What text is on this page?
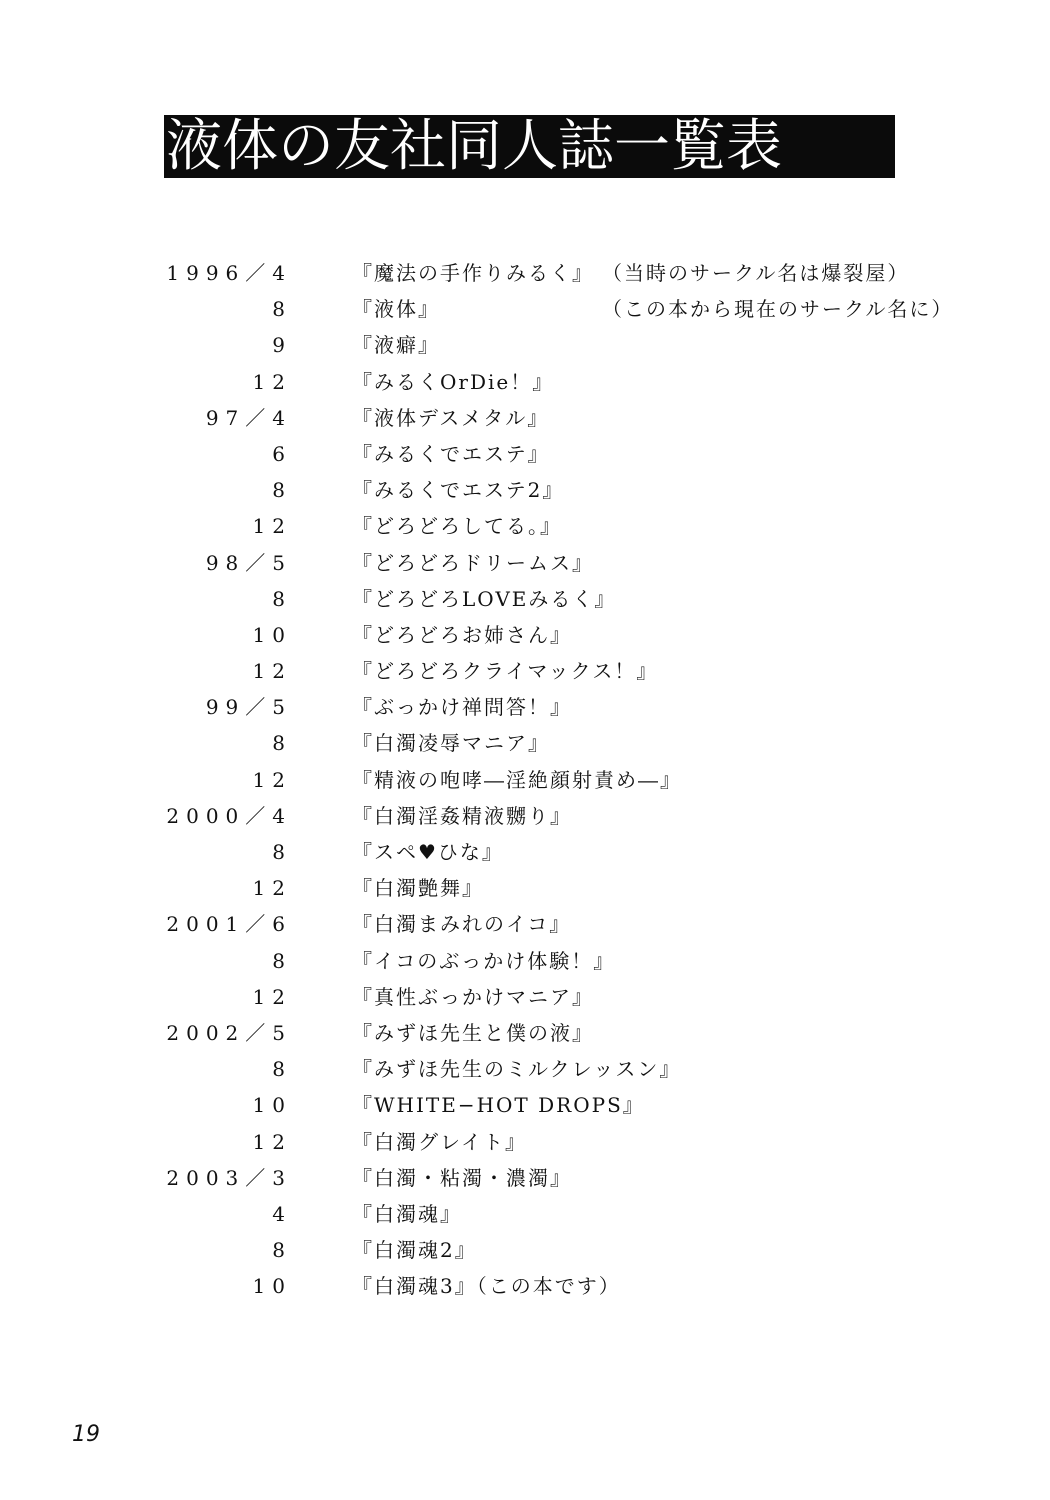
液体の友社同人誌一覧表
1996／4	『魔法の手作りみるく』 （当時のサークル名は爆裂屋）
8	『液体』	（この本から現在のサークル名に）
9	『液癖』
12	『みるくOrDie！』
97／4	『液体デスメタル』
6	『みるくでエステ』
8	『みるくでエステ2』
12	『どろどろしてる。』
98／5	『どろどろドリームス』
8	『どろどろLOVEみるく』
10	『どろどろお姉さん』
12	『どろどろクライマックス！』
99／5	『ぶっかけ禅問答！』
8	『白濁凌辱マニア』
12	『精液の咆哮―淫絶顔射責め―』
2000／4	『白濁淫姦精液嬲り』
8	『スペ♥ひな』
12	『白濁艶舞』
2001／6	『白濁まみれのイコ』
8	『イコのぶっかけ体験！』
12	『真性ぶっかけマニア』
2002／5	『みずほ先生と僕の液』
8	『みずほ先生のミルクレッスン』
10	『WHITE−HOT DROPS』
12	『白濁グレイト』
2003／3	『白濁・粘濁・濃濁』
4	『白濁魂』
8	『白濁魂2』
10	『白濁魂3』（この本です）
19
